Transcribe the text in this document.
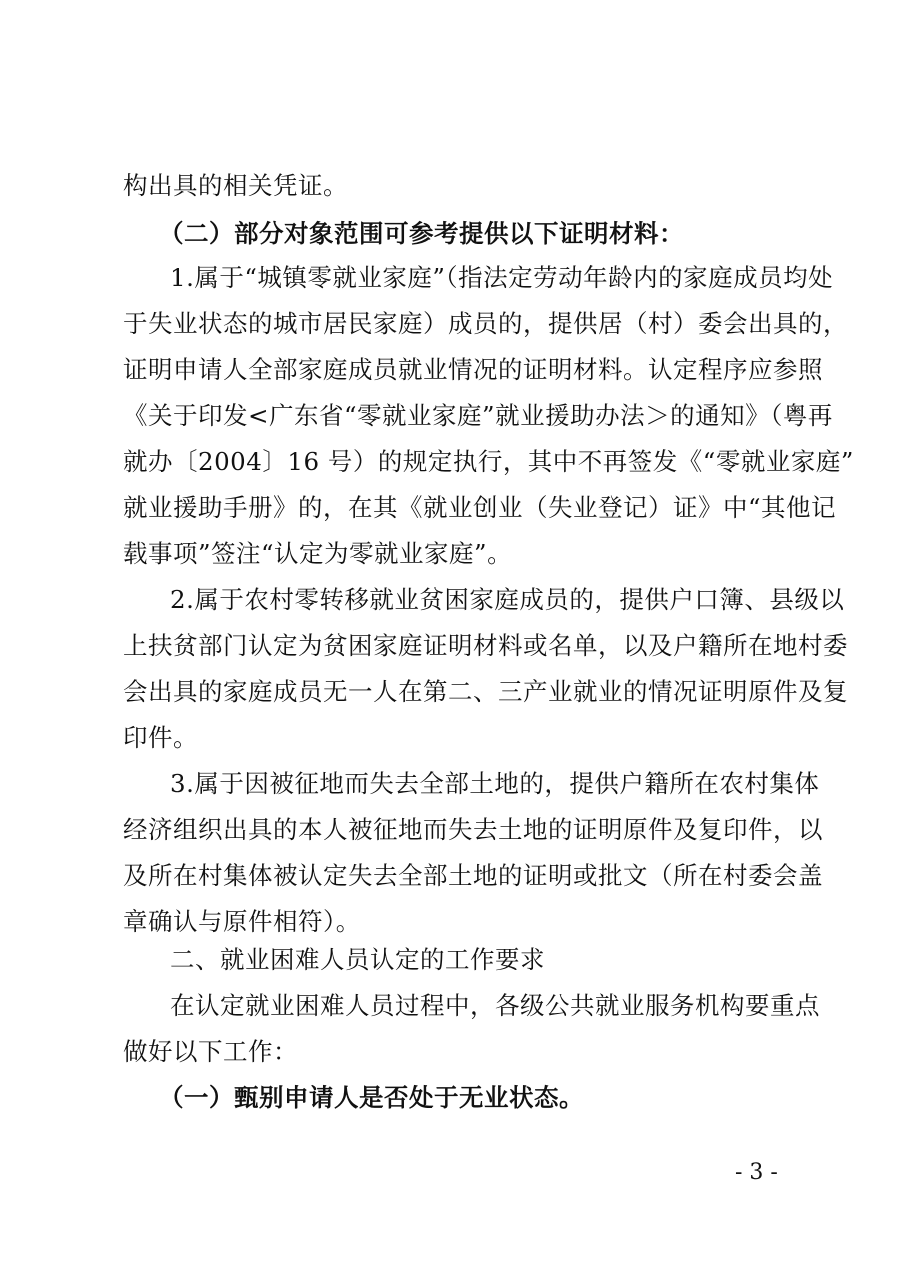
构出具的相关凭证。
（二）部分对象范围可参考提供以下证明材料：
1.属于“城镇零就业家庭”（指法定劳动年龄内的家庭成员均处
于失业状态的城市居民家庭）成员的，提供居（村）委会出具的，
证明申请人全部家庭成员就业情况的证明材料。认定程序应参照
《关于印发<广东省“零就业家庭”就业援助办法＞的通知》（粤再
就办〔2004〕16 号）的规定执行，其中不再签发《“零就业家庭”
就业援助手册》的，在其《就业创业（失业登记）证》中“其他记
载事项”签注“认定为零就业家庭”。
2.属于农村零转移就业贫困家庭成员的，提供户口簿、县级以
上扶贫部门认定为贫困家庭证明材料或名单，以及户籍所在地村委
会出具的家庭成员无一人在第二、三产业就业的情况证明原件及复
印件。
3.属于因被征地而失去全部土地的，提供户籍所在农村集体
经济组织出具的本人被征地而失去土地的证明原件及复印件，以
及所在村集体被认定失去全部土地的证明或批文（所在村委会盖
章确认与原件相符）。
二、就业困难人员认定的工作要求
在认定就业困难人员过程中，各级公共就业服务机构要重点
做好以下工作：
（一）甄别申请人是否处于无业状态。
- 3 -
